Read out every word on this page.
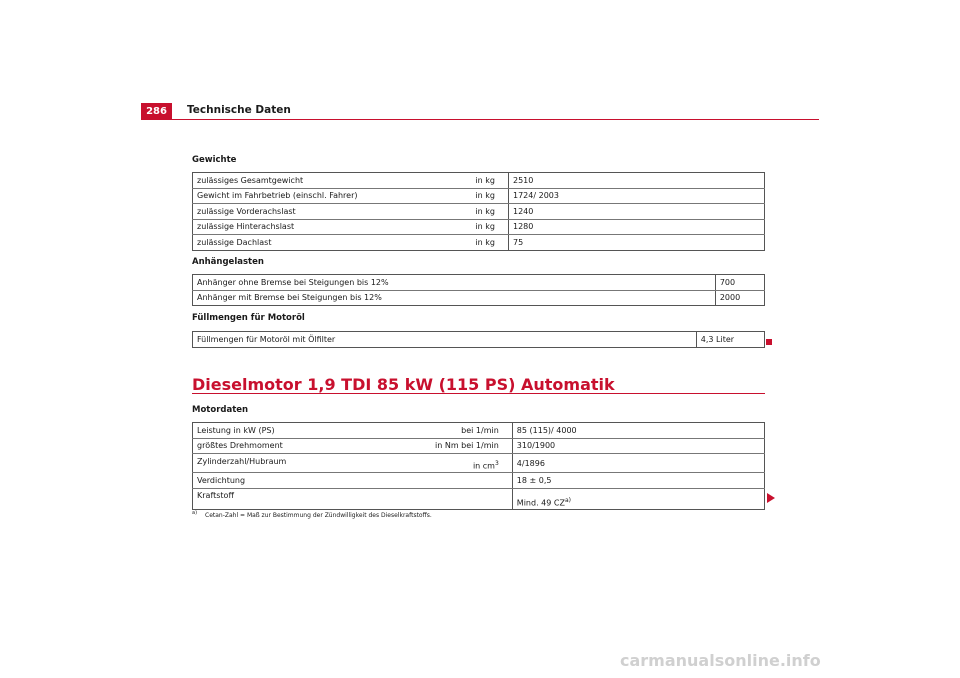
286	Technische Daten
Gewichte
zulässiges Gesamtgewicht	in kg		2510
Gewicht im Fahrbetrieb (einschl. Fahrer)	in kg		1724/ 2003
zulässige Vorderachslast	in kg		1240
zulässige Hinterachslast	in kg		1280
zulässige Dachlast	in kg		75
Anhängelasten
Anhänger ohne Bremse bei Steigungen bis 12%		700
Anhänger mit Bremse bei Steigungen bis 12%		2000
Füllmengen für Motoröl
Füllmengen für Motoröl mit Ölfilter		4,3 Liter
Dieselmotor 1,9 TDI 85 kW (115 PS) Automatik
Motordaten
Leistung in kW (PS)	bei 1/min		85 (115)/ 4000
größtes Drehmoment	in Nm bei 1/min		310/1900
Zylinderzahl/Hubraum	in $cm^3$		4/1896
Verdichtung			18 ± 0,5
Kraftstoff			Mind. 49 CZ$^{a)}$
$^{a)}$ Cetan-Zahl = Maß zur Bestimmung der Zündwilligkeit des Dieselkraftstoffs.
carmanualsonline.info
